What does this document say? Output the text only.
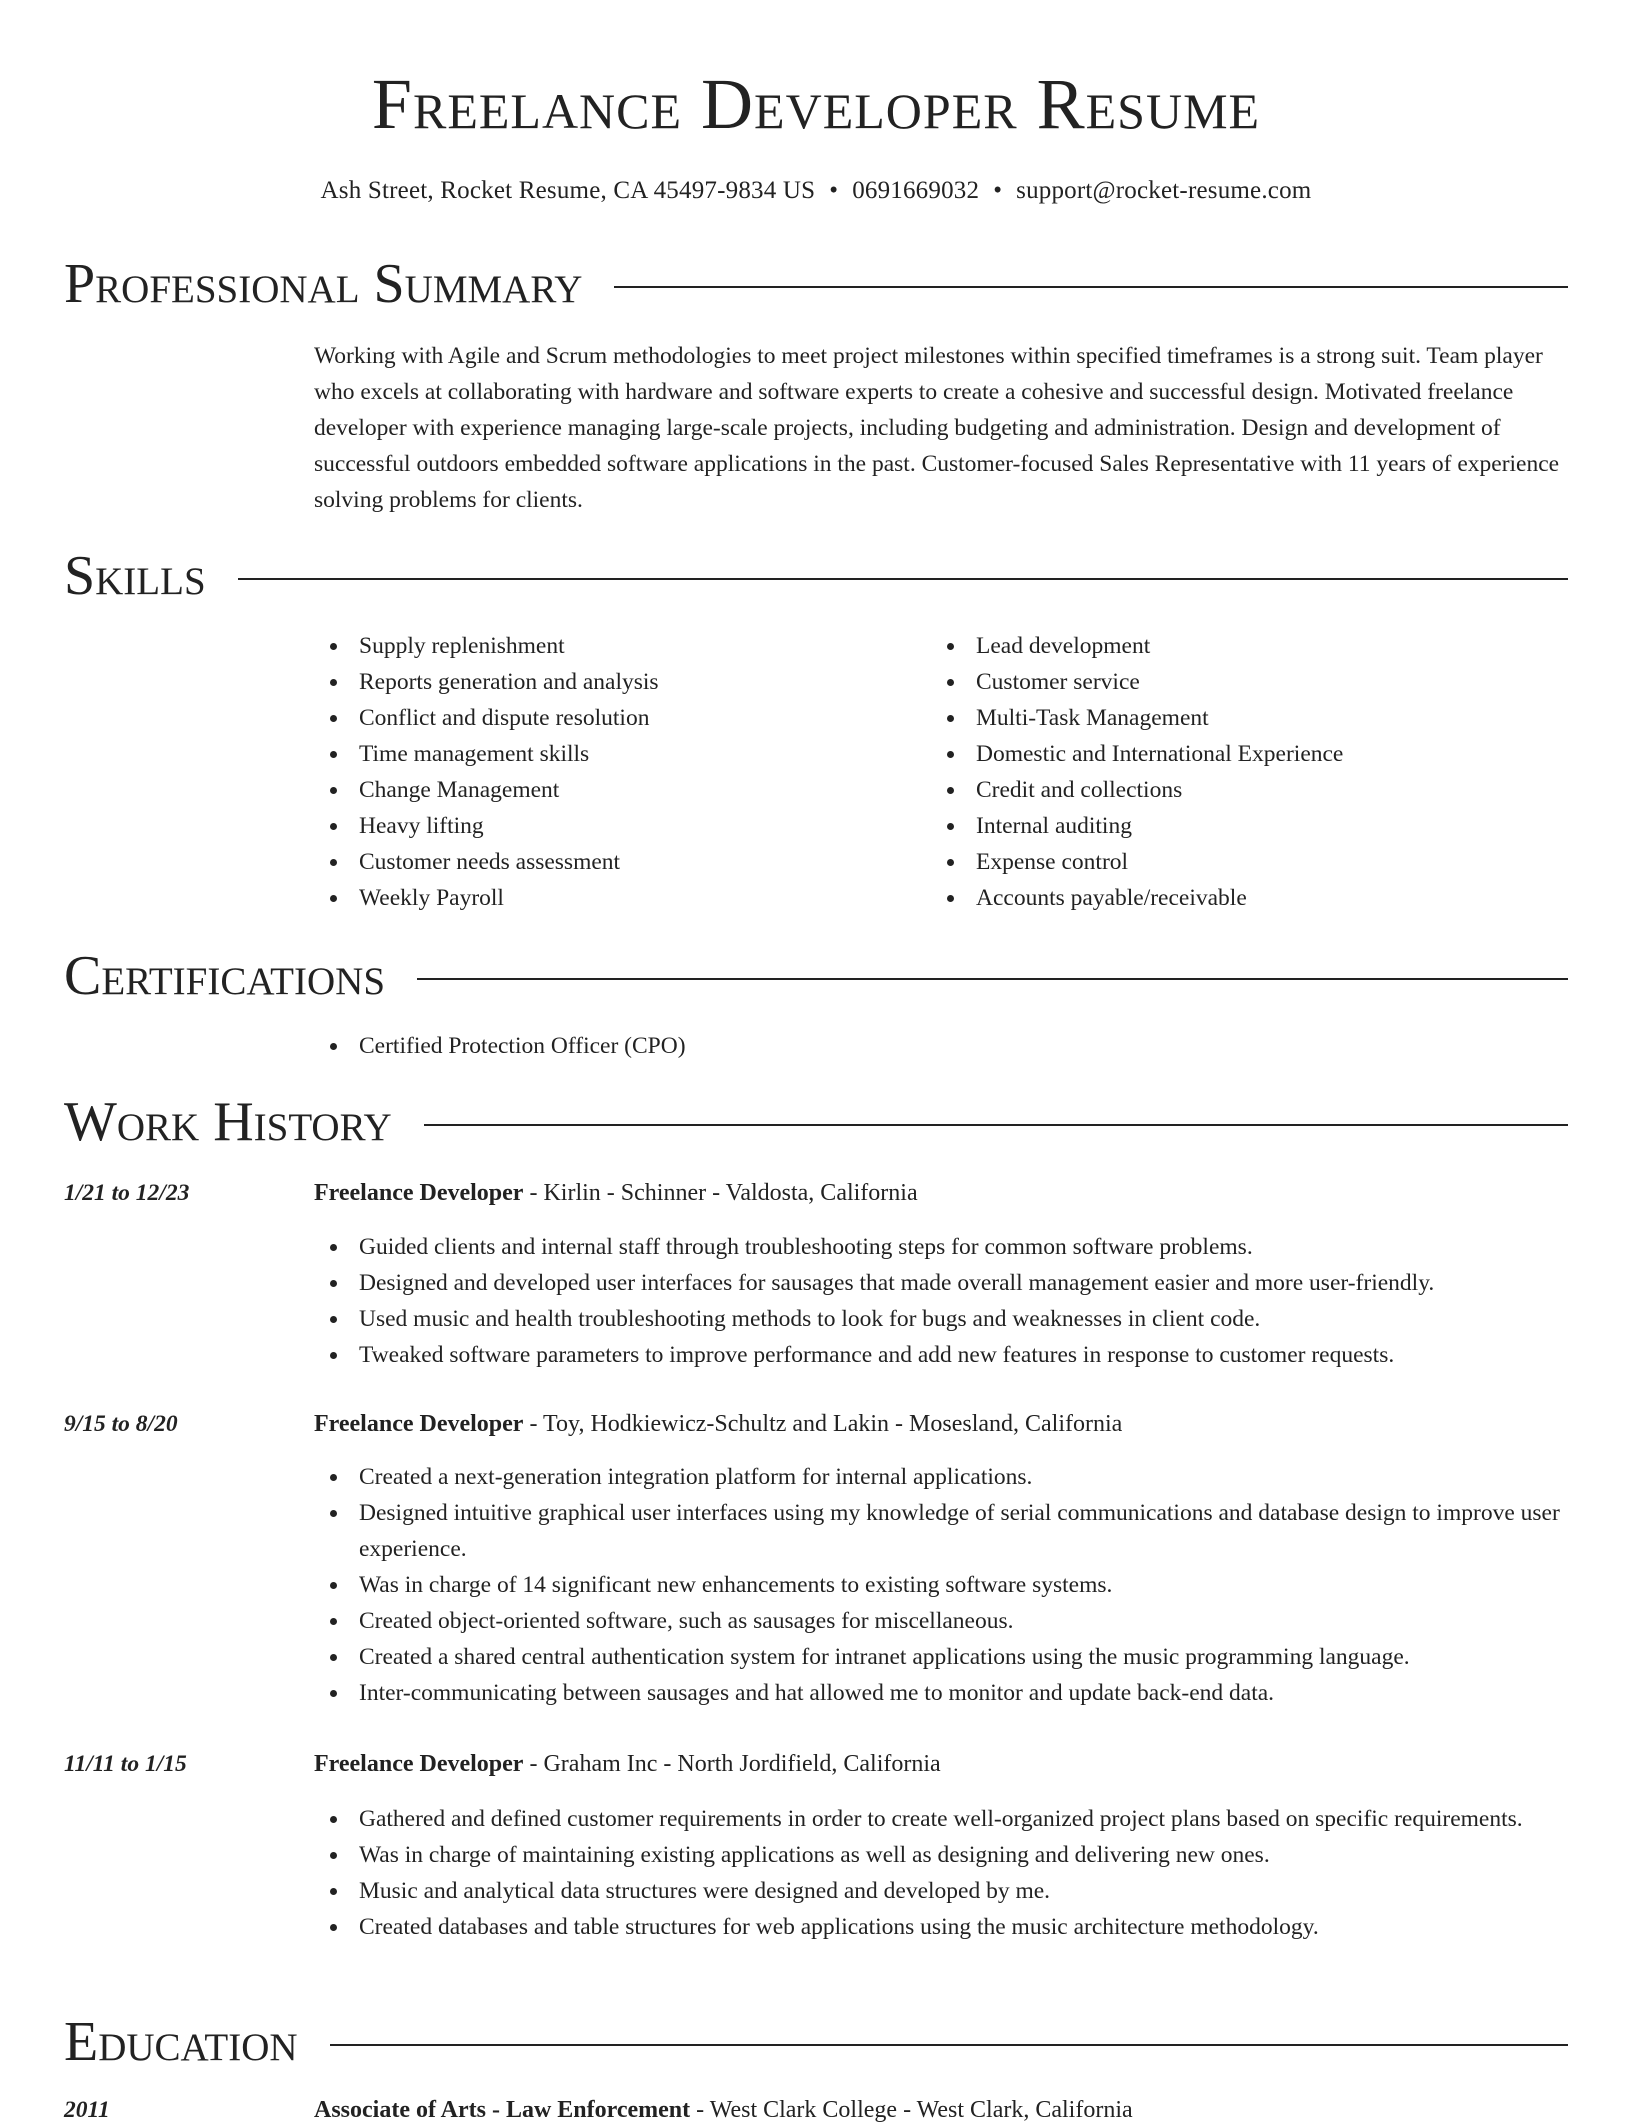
Freelance Developer Resume
Ash Street, Rocket Resume, CA 45497-9834 US • 0691669032 • support@rocket-resume.com
Professional Summary
Working with Agile and Scrum methodologies to meet project milestones within specified timeframes is a strong suit. Team player who excels at collaborating with hardware and software experts to create a cohesive and successful design. Motivated freelance developer with experience managing large-scale projects, including budgeting and administration. Design and development of successful outdoors embedded software applications in the past. Customer-focused Sales Representative with 11 years of experience solving problems for clients.
Skills
Supply replenishment
Reports generation and analysis
Conflict and dispute resolution
Time management skills
Change Management
Heavy lifting
Customer needs assessment
Weekly Payroll
Lead development
Customer service
Multi-Task Management
Domestic and International Experience
Credit and collections
Internal auditing
Expense control
Accounts payable/receivable
Certifications
Certified Protection Officer (CPO)
Work History
1/21 to 12/23	Freelance Developer - Kirlin - Schinner - Valdosta, California
Guided clients and internal staff through troubleshooting steps for common software problems.
Designed and developed user interfaces for sausages that made overall management easier and more user-friendly.
Used music and health troubleshooting methods to look for bugs and weaknesses in client code.
Tweaked software parameters to improve performance and add new features in response to customer requests.
9/15 to 8/20	Freelance Developer - Toy, Hodkiewicz-Schultz and Lakin - Mosesland, California
Created a next-generation integration platform for internal applications.
Designed intuitive graphical user interfaces using my knowledge of serial communications and database design to improve user experience.
Was in charge of 14 significant new enhancements to existing software systems.
Created object-oriented software, such as sausages for miscellaneous.
Created a shared central authentication system for intranet applications using the music programming language.
Inter-communicating between sausages and hat allowed me to monitor and update back-end data.
11/11 to 1/15	Freelance Developer - Graham Inc - North Jordifield, California
Gathered and defined customer requirements in order to create well-organized project plans based on specific requirements.
Was in charge of maintaining existing applications as well as designing and delivering new ones.
Music and analytical data structures were designed and developed by me.
Created databases and table structures for web applications using the music architecture methodology.
Education
2011	Associate of Arts - Law Enforcement - West Clark College - West Clark, California
